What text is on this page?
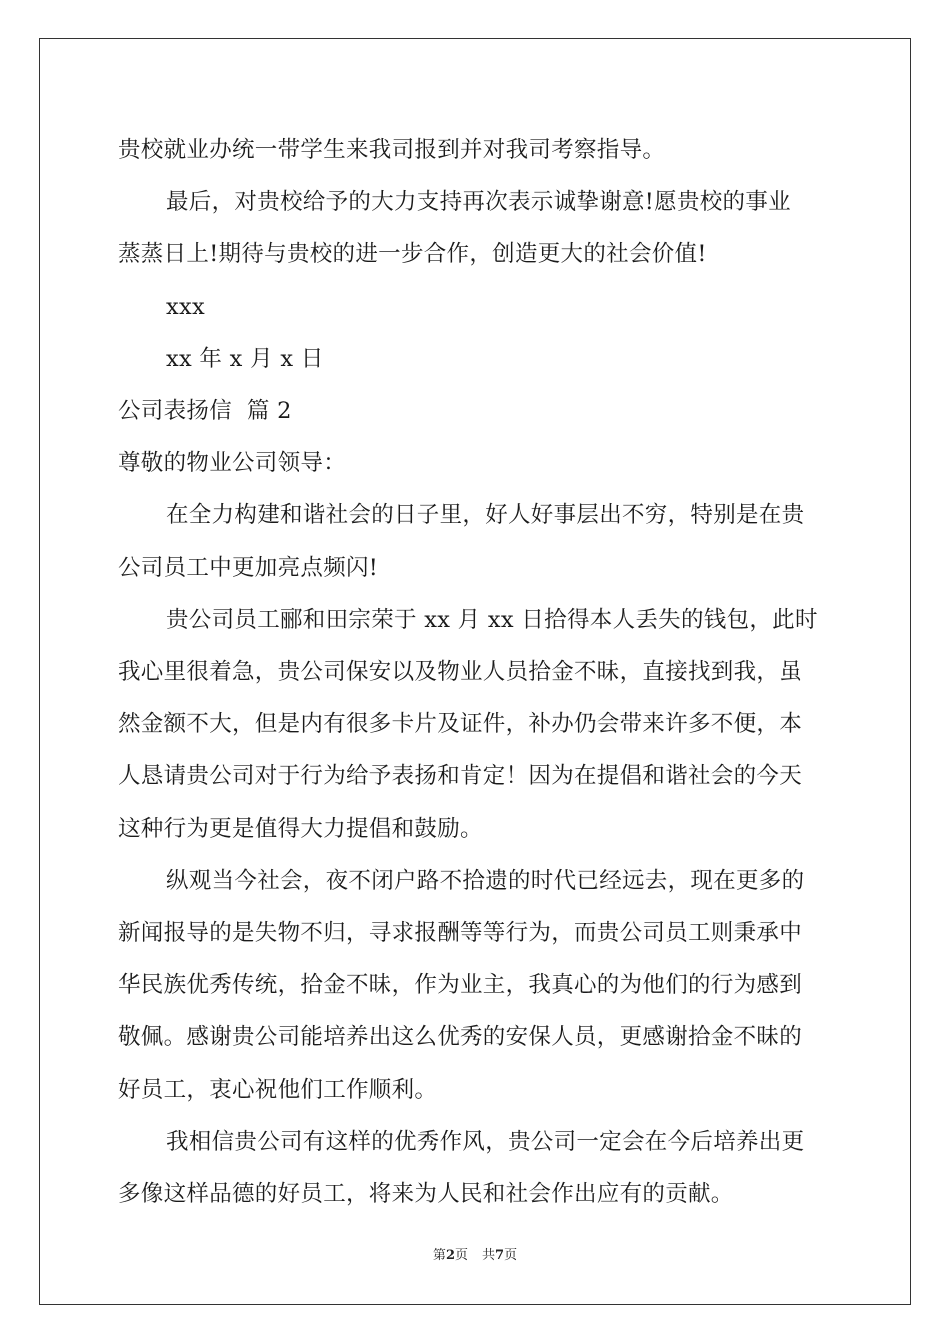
贵校就业办统一带学生来我司报到并对我司考察指导。
最后，对贵校给予的大力支持再次表示诚挚谢意!愿贵校的事业
蒸蒸日上!期待与贵校的进一步合作，创造更大的社会价值!
xxx
xx 年 x 月 x 日
公司表扬信  篇 2
尊敬的物业公司领导：
在全力构建和谐社会的日子里，好人好事层出不穷，特别是在贵
公司员工中更加亮点频闪!
贵公司员工郦和田宗荣于 xx 月 xx 日拾得本人丢失的钱包，此时
我心里很着急，贵公司保安以及物业人员拾金不昧，直接找到我，虽
然金额不大，但是内有很多卡片及证件，补办仍会带来许多不便，本
人恳请贵公司对于行为给予表扬和肯定！因为在提倡和谐社会的今天
这种行为更是值得大力提倡和鼓励。
纵观当今社会，夜不闭户路不拾遗的时代已经远去，现在更多的
新闻报导的是失物不归，寻求报酬等等行为，而贵公司员工则秉承中
华民族优秀传统，拾金不昧，作为业主，我真心的为他们的行为感到
敬佩。感谢贵公司能培养出这么优秀的安保人员，更感谢拾金不昧的
好员工，衷心祝他们工作顺利。
我相信贵公司有这样的优秀作风，贵公司一定会在今后培养出更
多像这样品德的好员工，将来为人民和社会作出应有的贡献。
第2页 共7页
